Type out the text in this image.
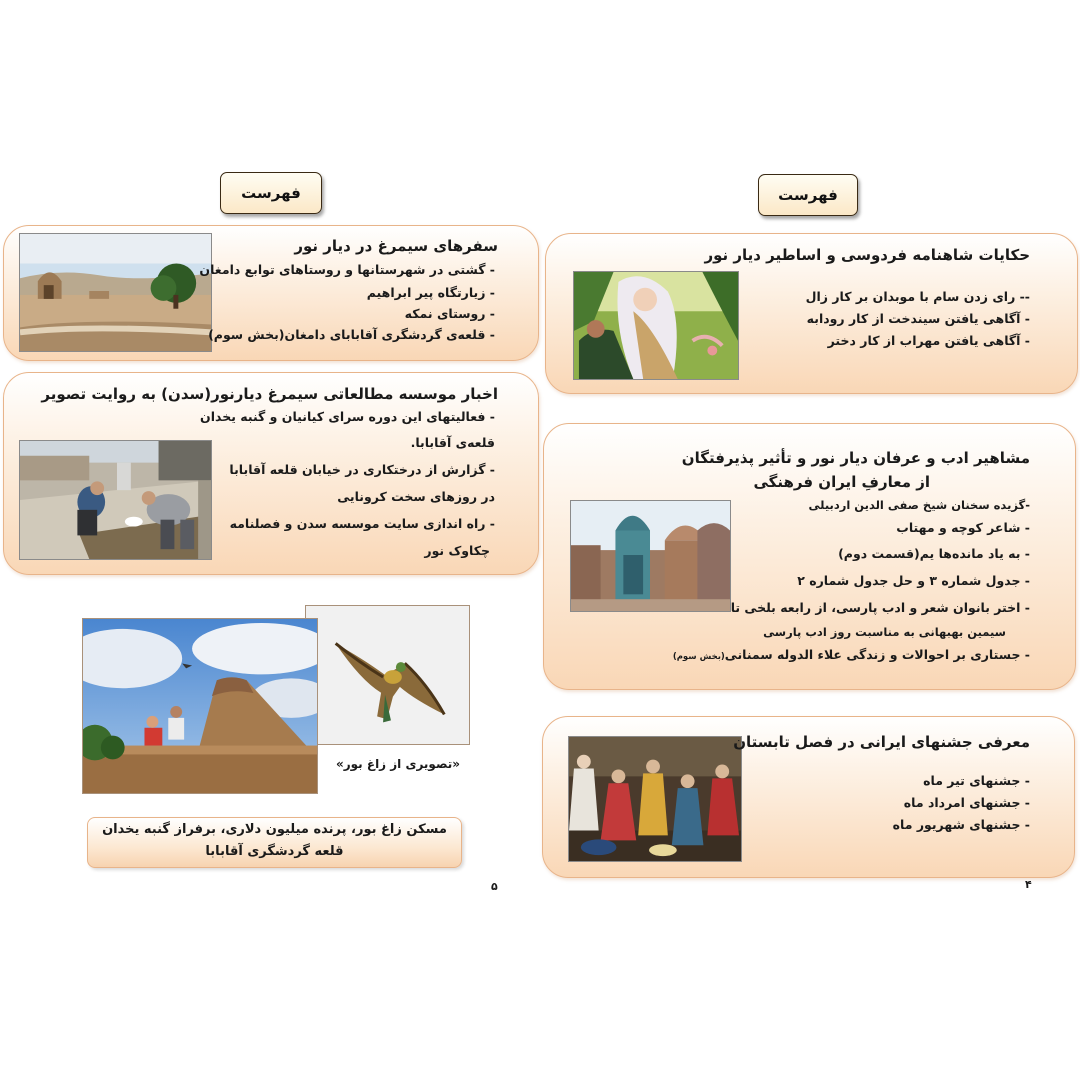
فهرست
سفرهای سیمرغ در دیار نور
- گشتی در شهرستانها و روستاهای توابع دامغان
- زیارتگاه پیر ابراهیم
- روستای نمکه
- قلعه‌ی گردشگری آقابابای دامغان(بخش سوم)
اخبار موسسه مطالعاتی سیمرغ دیارنور(سدن) به روایت تصویر
- فعالیتهای این دوره سرای کیانیان و گنبه یخدان
قلعه‌ی آقابابا.
- گزارش از درختکاری در خیابان قلعه آقابابا
در روزهای سخت کرونایی
- راه اندازی سایت موسسه سدن و فصلنامه
چکاوک نور
«تصویری از زاغ بور»
مسکن زاغ بور، پرنده میلیون دلاری، برفراز گنبه یخدان
قلعه گردشگری آقابابا
۵
فهرست
حکایات شاهنامه فردوسی و اساطیر دیار نور
-- رای زدن سام با موبدان بر کار زال
- آگاهی یافتن سیندخت از کار رودابه
- آگاهی یافتن مهراب از کار دختر
مشاهیر ادب و عرفان دیار نور و تأثیر پذیرفتگان
از معارفِ ایران فرهنگی
-گزیده سخنان شیخ صفی الدین اردبیلی
- شاعر کوچه و مهتاب
- به یاد مانده‌ها یم(قسمت دوم)
- جدول شماره ۳ و حل جدول شماره ۲
- اختر بانوان شعر و ادب پارسی، از رابعه بلخی تا
سیمین بهبهانی به مناسبت روز ادب پارسی
- جستاری بر احوالات و زندگی علاء الدوله سمنانی(بخش سوم)
معرفی جشنهای ایرانی در فصل تابستان
- جشنهای تیر ماه
- جشنهای امرداد ماه
- جشنهای شهریور ماه
۴
